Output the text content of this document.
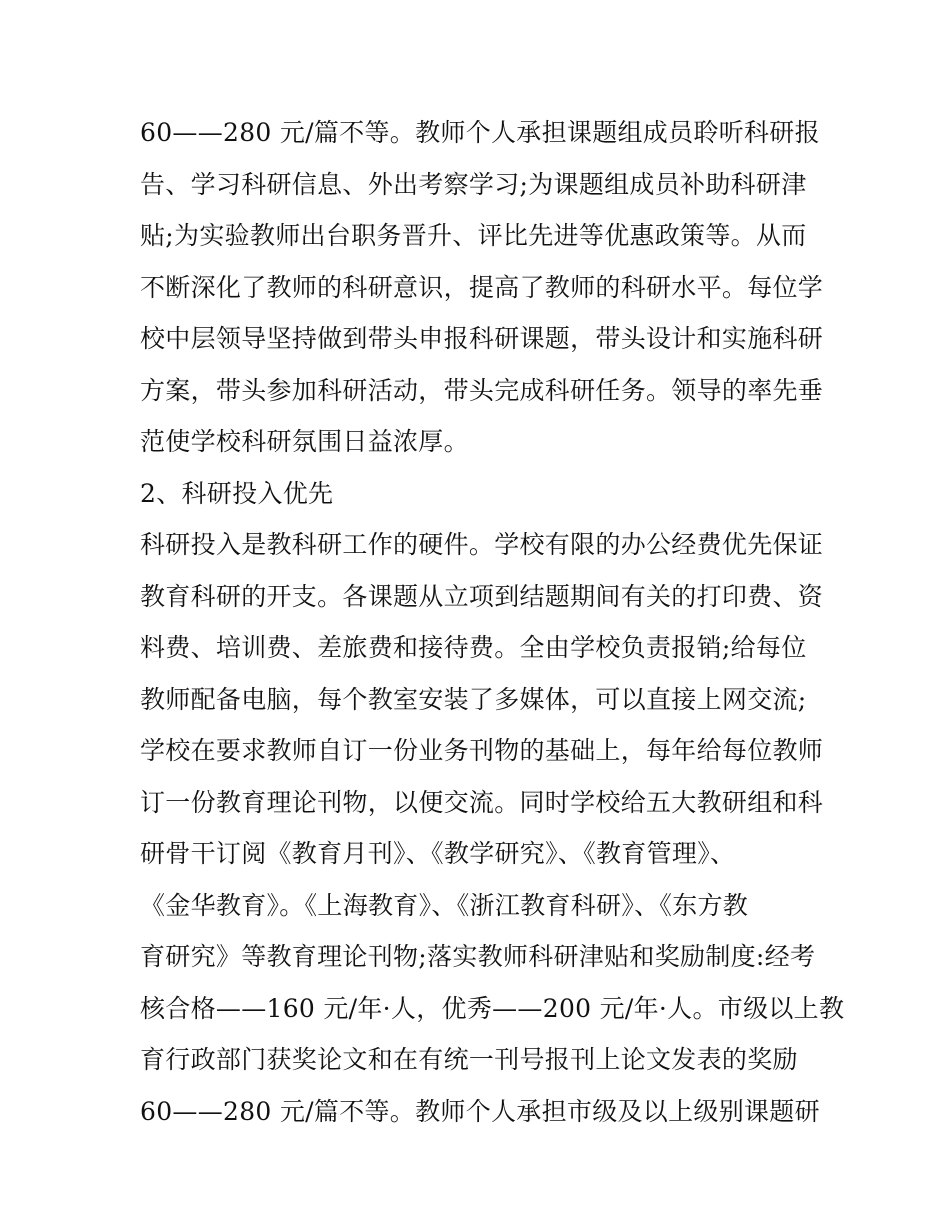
60——280 元/篇不等。教师个人承担课题组成员聆听科研报
告、学习科研信息、外出考察学习;为课题组成员补助科研津
贴;为实验教师出台职务晋升、评比先进等优惠政策等。从而
不断深化了教师的科研意识，提高了教师的科研水平。每位学
校中层领导坚持做到带头申报科研课题，带头设计和实施科研
方案，带头参加科研活动，带头完成科研任务。领导的率先垂
范使学校科研氛围日益浓厚。
2、科研投入优先
科研投入是教科研工作的硬件。学校有限的办公经费优先保证
教育科研的开支。各课题从立项到结题期间有关的打印费、资
料费、培训费、差旅费和接待费。全由学校负责报销;给每位
教师配备电脑，每个教室安装了多媒体，可以直接上网交流;
学校在要求教师自订一份业务刊物的基础上，每年给每位教师
订一份教育理论刊物，以便交流。同时学校给五大教研组和科
研骨干订阅《教育月刊》、《教学研究》、《教育管理》、
《金华教育》。《上海教育》、《浙江教育科研》、《东方教
育研究》等教育理论刊物;落实教师科研津贴和奖励制度:经考
核合格——160 元/年·人，优秀——200 元/年·人。市级以上教
育行政部门获奖论文和在有统一刊号报刊上论文发表的奖励
60——280 元/篇不等。教师个人承担市级及以上级别课题研
